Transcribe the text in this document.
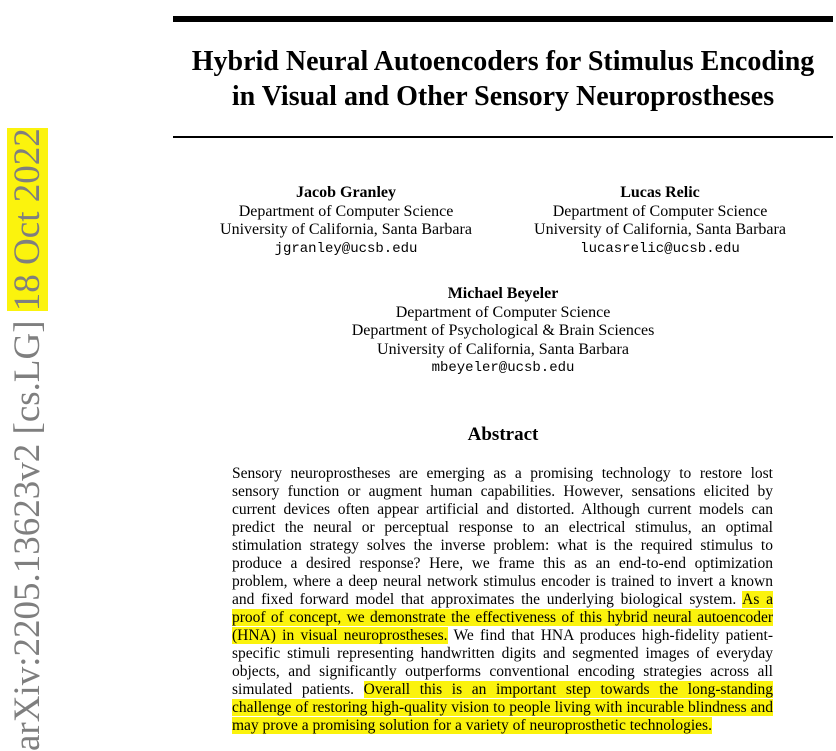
arXiv:2205.13623v2 [cs.LG] 18 Oct 2022
Hybrid Neural Autoencoders for Stimulus Encoding
in Visual and Other Sensory Neuroprostheses
Jacob Granley
Department of Computer Science
University of California, Santa Barbara
jgranley@ucsb.edu
Lucas Relic
Department of Computer Science
University of California, Santa Barbara
lucasrelic@ucsb.edu
Michael Beyeler
Department of Computer Science
Department of Psychological & Brain Sciences
University of California, Santa Barbara
mbeyeler@ucsb.edu
Abstract
Sensory neuroprostheses are emerging as a promising technology to restore lost sensory function or augment human capabilities. However, sensations elicited by current devices often appear artificial and distorted. Although current models can predict the neural or perceptual response to an electrical stimulus, an optimal stimulation strategy solves the inverse problem: what is the required stimulus to produce a desired response? Here, we frame this as an end-to-end optimization problem, where a deep neural network stimulus encoder is trained to invert a known and fixed forward model that approximates the underlying biological system. As a proof of concept, we demonstrate the effectiveness of this hybrid neural autoencoder (HNA) in visual neuroprostheses. We find that HNA produces high-fidelity patient-specific stimuli representing handwritten digits and segmented images of everyday objects, and significantly outperforms conventional encoding strategies across all simulated patients. Overall this is an important step towards the long-standing challenge of restoring high-quality vision to people living with incurable blindness and may prove a promising solution for a variety of neuroprosthetic technologies.
